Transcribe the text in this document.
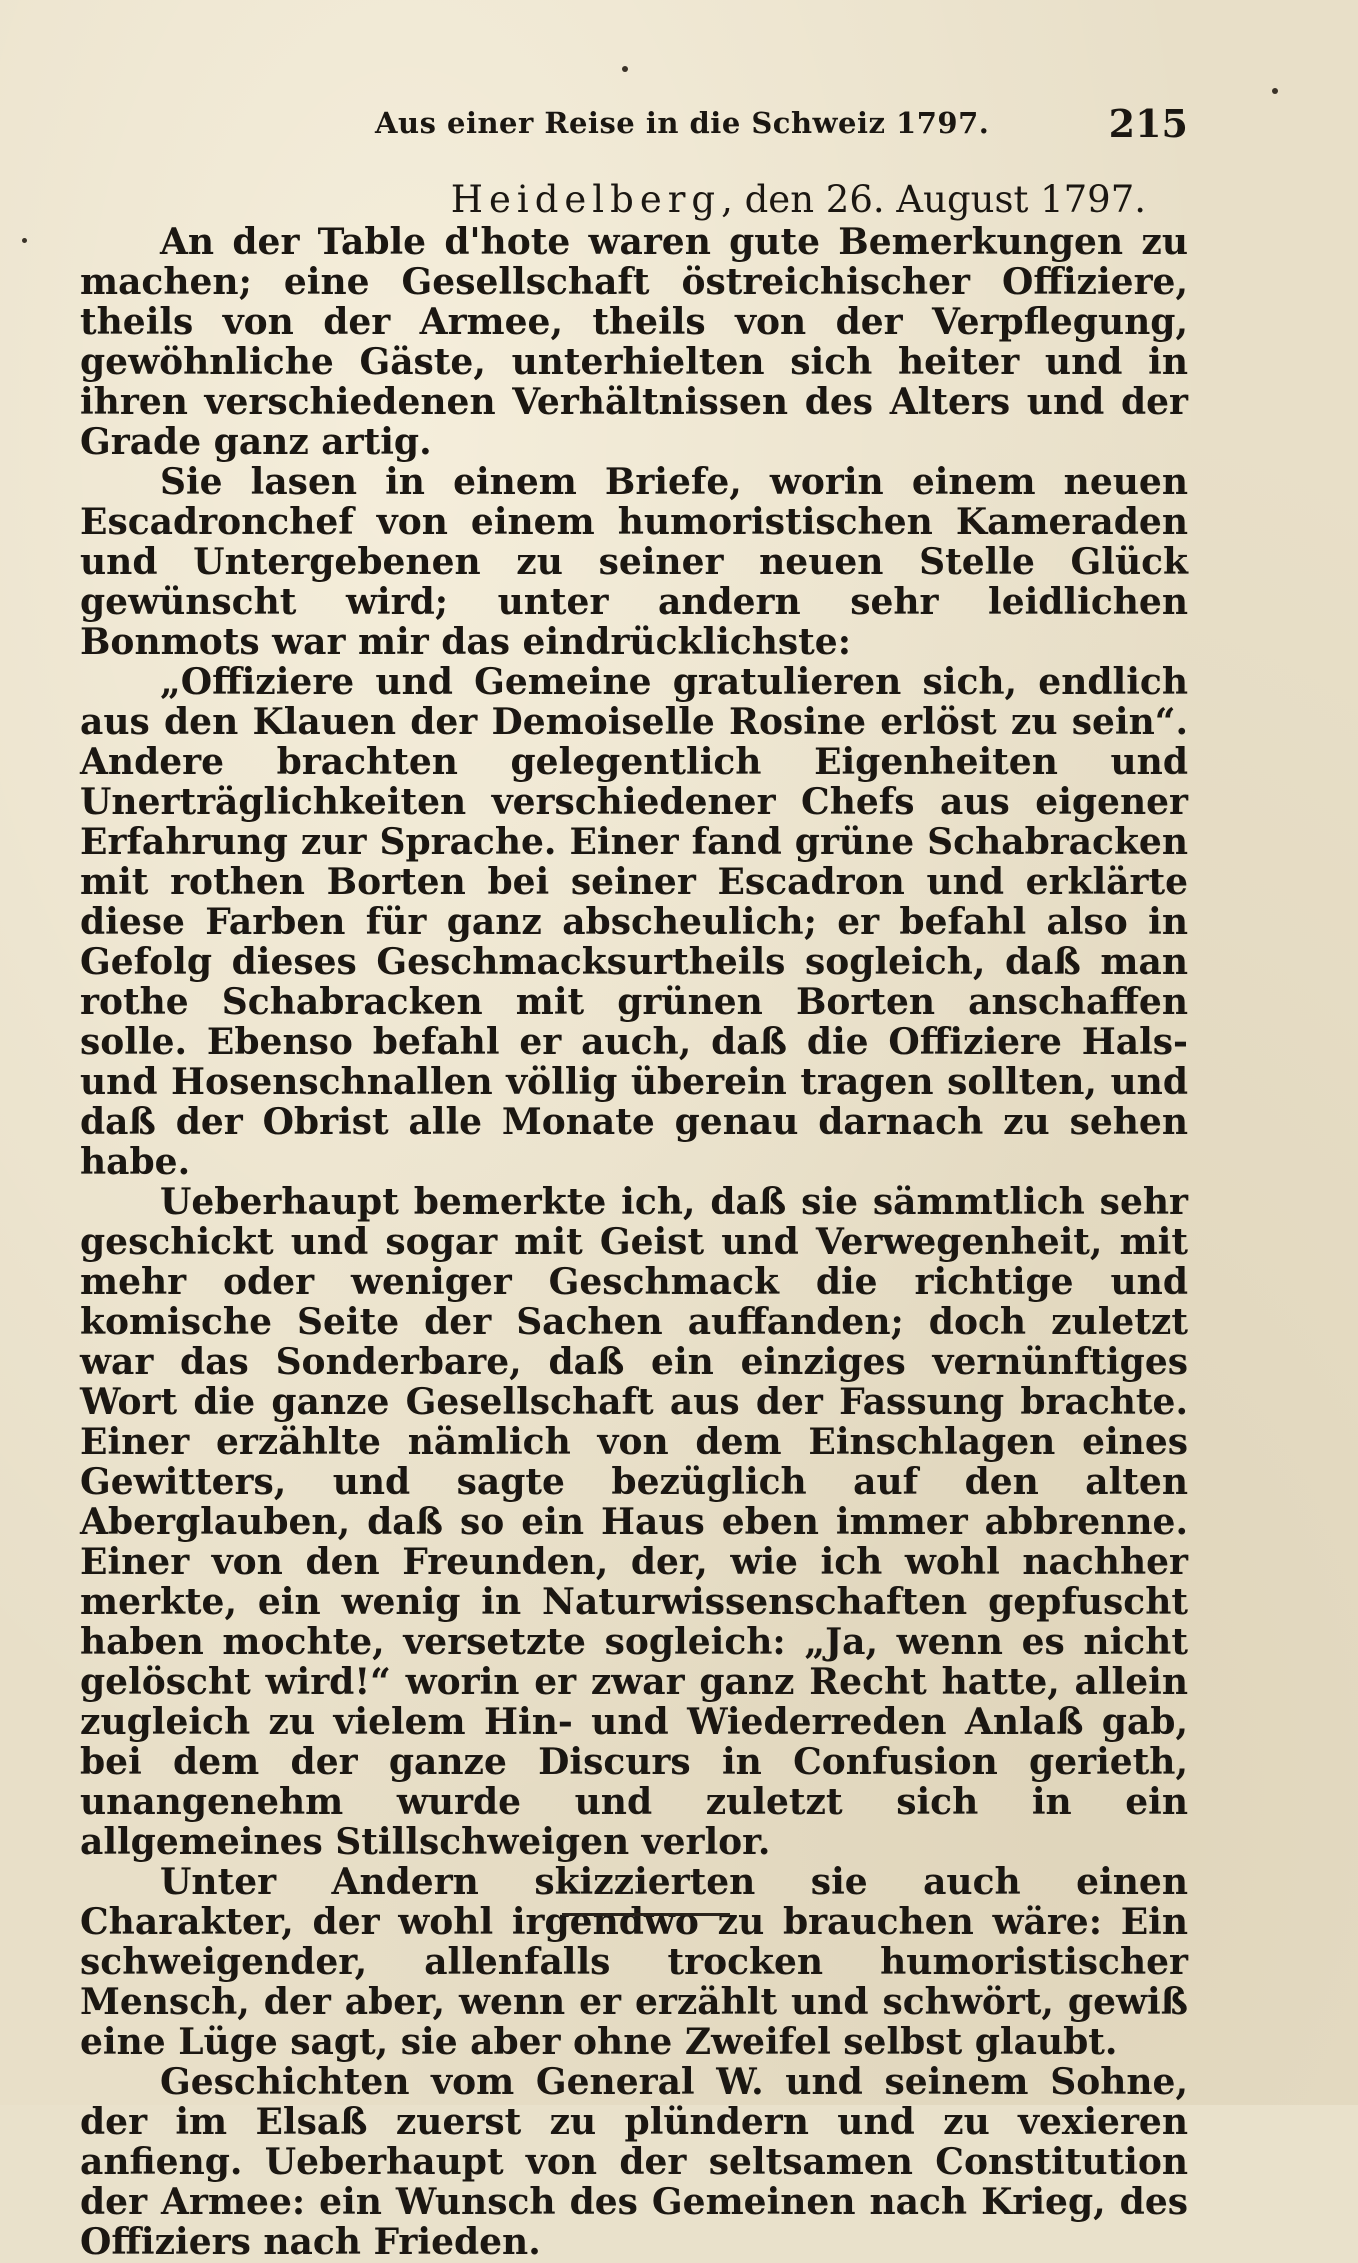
Aus einer Reise in die Schweiz 1797.	215
Heidelberg, den 26. August 1797.

An der Table d'hote waren gute Bemerkungen zu machen; eine Gesellschaft östreichischer Offiziere, theils von der Armee, theils von der Verpflegung, gewöhnliche Gäste, unterhielten sich heiter und in ihren verschiedenen Verhältnissen des Alters und der Grade ganz artig.

Sie lasen in einem Briefe, worin einem neuen Escadronchef von einem humoristischen Kameraden und Untergebenen zu seiner neuen Stelle Glück gewünscht wird; unter andern sehr leidlichen Bonmots war mir das eindrücklichste:

„Offiziere und Gemeine gratulieren sich, endlich aus den Klauen der Demoiselle Rosine erlöst zu sein“. Andere brachten gelegentlich Eigenheiten und Unerträglichkeiten verschiedener Chefs aus eigener Erfahrung zur Sprache. Einer fand grüne Schabracken mit rothen Borten bei seiner Escadron und erklärte diese Farben für ganz abscheulich; er befahl also in Gefolg dieses Geschmacksurtheils sogleich, daß man rothe Schabracken mit grünen Borten anschaffen solle. Ebenso befahl er auch, daß die Offiziere Hals- und Hosenschnallen völlig überein tragen sollten, und daß der Obrist alle Monate genau darnach zu sehen habe.

Ueberhaupt bemerkte ich, daß sie sämmtlich sehr geschickt und sogar mit Geist und Verwegenheit, mit mehr oder weniger Geschmack die richtige und komische Seite der Sachen auffanden; doch zuletzt war das Sonderbare, daß ein einziges vernünftiges Wort die ganze Gesellschaft aus der Fassung brachte. Einer erzählte nämlich von dem Einschlagen eines Gewitters, und sagte bezüglich auf den alten Aberglauben, daß so ein Haus eben immer abbrenne. Einer von den Freunden, der, wie ich wohl nachher merkte, ein wenig in Naturwissenschaften gepfuscht haben mochte, versetzte sogleich: „Ja, wenn es nicht gelöscht wird!“ worin er zwar ganz Recht hatte, allein zugleich zu vielem Hin- und Wiederreden Anlaß gab, bei dem der ganze Discurs in Confusion gerieth, unangenehm wurde und zuletzt sich in ein allgemeines Stillschweigen verlor.

Unter Andern skizzierten sie auch einen Charakter, der wohl irgendwo zu brauchen wäre: Ein schweigender, allenfalls trocken humoristischer Mensch, der aber, wenn er erzählt und schwört, gewiß eine Lüge sagt, sie aber ohne Zweifel selbst glaubt.

Geschichten vom General W. und seinem Sohne, der im Elsaß zuerst zu plündern und zu vexieren anfieng. Ueberhaupt von der seltsamen Constitution der Armee: ein Wunsch des Gemeinen nach Krieg, des Offiziers nach Frieden.
